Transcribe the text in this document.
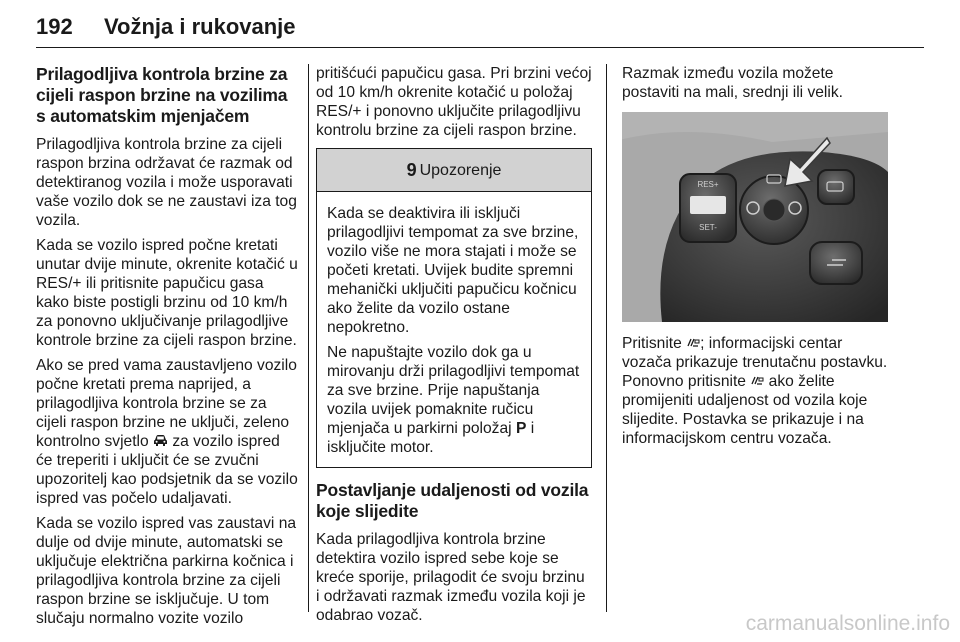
192 Vožnja i rukovanje
Prilagodljiva kontrola brzine za cijeli raspon brzine na vozilima s automatskim mjenjačem

Prilagodljiva kontrola brzine za cijeli raspon brzina održavat će razmak od detektiranog vozila i može usporavati vaše vozilo dok se ne zaustavi iza tog vozila.

Kada se vozilo ispred počne kretati unutar dvije minute, okrenite kotačić u RES/+ ili pritisnite papučicu gasa kako biste postigli brzinu od 10 km/h za ponovno uključivanje prilagodljive kontrole brzine za cijeli raspon brzine.

Ako se pred vama zaustavljeno vozilo počne kretati prema naprijed, a prilagodljiva kontrola brzine se za cijeli raspon brzine ne uključi, zeleno kontrolno svjetlo za vozilo ispred će treperiti i uključit će se zvučni upozoritelj kao podsjetnik da se vozilo ispred vas počelo udaljavati.

Kada se vozilo ispred vas zaustavi na dulje od dvije minute, automatski se uključuje električna parkirna kočnica i prilagodljiva kontrola brzine za cijeli raspon brzine se isključuje. U tom slučaju normalno vozite vozilo

pritišćući papučicu gasa. Pri brzini većoj od 10 km/h okrenite kotačić u položaj RES/+ i ponovno uključite prilagodljivu kontrolu brzine za cijeli raspon brzine.

9 Upozorenje

Kada se deaktivira ili isključi prilagodljivi tempomat za sve brzine, vozilo više ne mora stajati i može se početi kretati. Uvijek budite spremni mehanički uključiti papučicu kočnicu ako želite da vozilo ostane nepokretno.

Ne napuštajte vozilo dok ga u mirovanju drži prilagodljivi tempomat za sve brzine. Prije napuštanja vozila uvijek pomaknite ručicu mjenjača u parkirni položaj P i isključite motor.

Postavljanje udaljenosti od vozila koje slijedite

Kada prilagodljiva kontrola brzine detektira vozilo ispred sebe koje se kreće sporije, prilagodit će svoju brzinu i održavati razmak između vozila koji je odabrao vozač.

Razmak između vozila možete postaviti na mali, srednji ili velik.

RES+
SET-

Pritisnite ; informacijski centar vozača prikazuje trenutačnu postavku. Ponovno pritisnite ako želite promijeniti udaljenost od vozila koje slijedite. Postavka se prikazuje i na informacijskom centru vozača.

carmanualsonline.info
